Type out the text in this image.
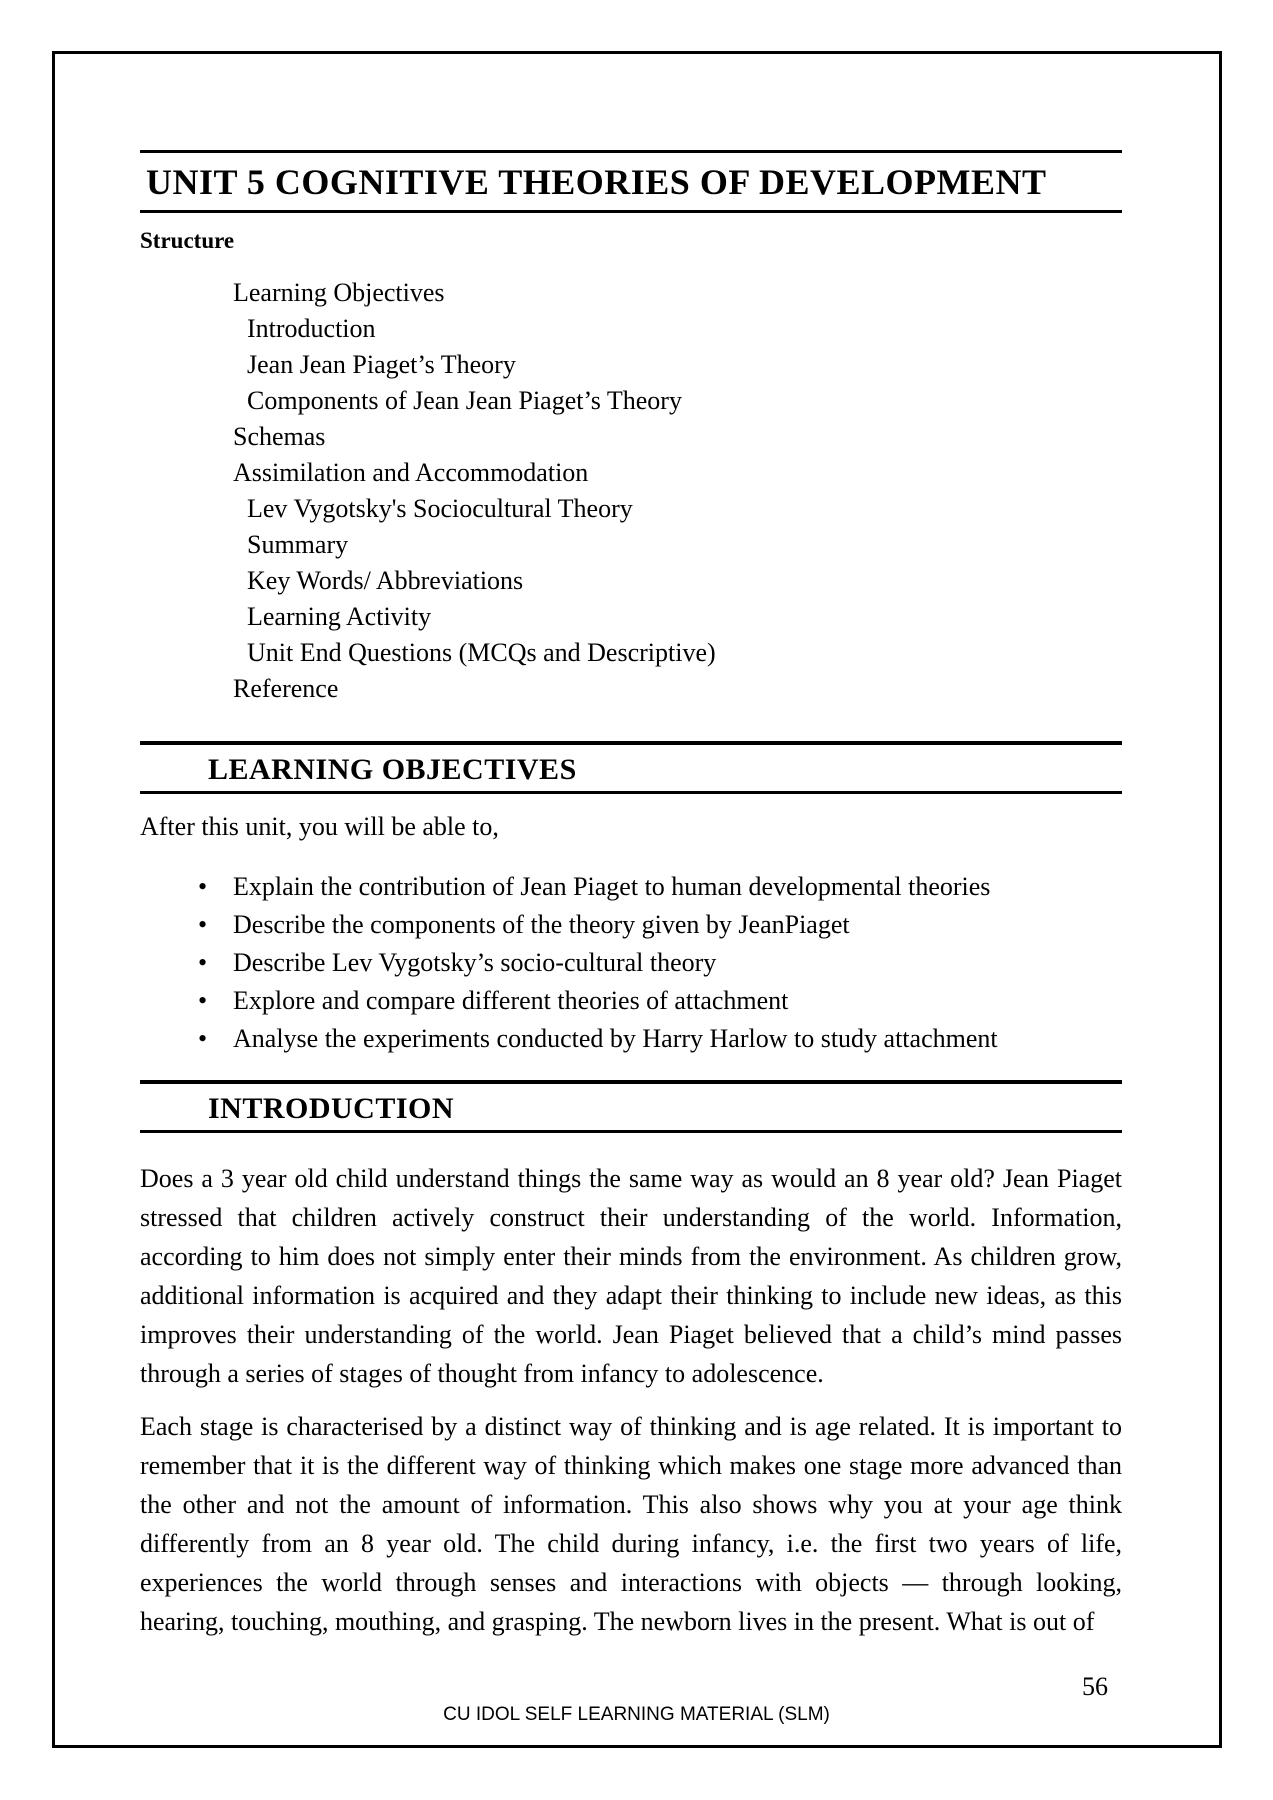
UNIT 5 COGNITIVE THEORIES OF DEVELOPMENT
Structure
Learning Objectives
Introduction
Jean Jean Piaget’s Theory
Components of Jean Jean Piaget’s Theory
Schemas
Assimilation and Accommodation
Lev Vygotsky's Sociocultural Theory
Summary
Key Words/ Abbreviations
Learning Activity
Unit End Questions (MCQs and Descriptive)
Reference
LEARNING OBJECTIVES
After this unit, you will be able to,
• Explain the contribution of Jean Piaget to human developmental theories
• Describe the components of the theory given by JeanPiaget
• Describe Lev Vygotsky’s socio-cultural theory
• Explore and compare different theories of attachment
• Analyse the experiments conducted by Harry Harlow to study attachment
INTRODUCTION
Does a 3 year old child understand things the same way as would an 8 year old? Jean Piaget stressed that children actively construct their understanding of the world. Information, according to him does not simply enter their minds from the environment. As children grow, additional information is acquired and they adapt their thinking to include new ideas, as this improves their understanding of the world. Jean Piaget believed that a child’s mind passes through a series of stages of thought from infancy to adolescence.
Each stage is characterised by a distinct way of thinking and is age related. It is important to remember that it is the different way of thinking which makes one stage more advanced than the other and not the amount of information. This also shows why you at your age think differently from an 8 year old. The child during infancy, i.e. the first two years of life, experiences the world through senses and interactions with objects — through looking, hearing, touching, mouthing, and grasping. The newborn lives in the present. What is out of
56
CU IDOL SELF LEARNING MATERIAL (SLM)
